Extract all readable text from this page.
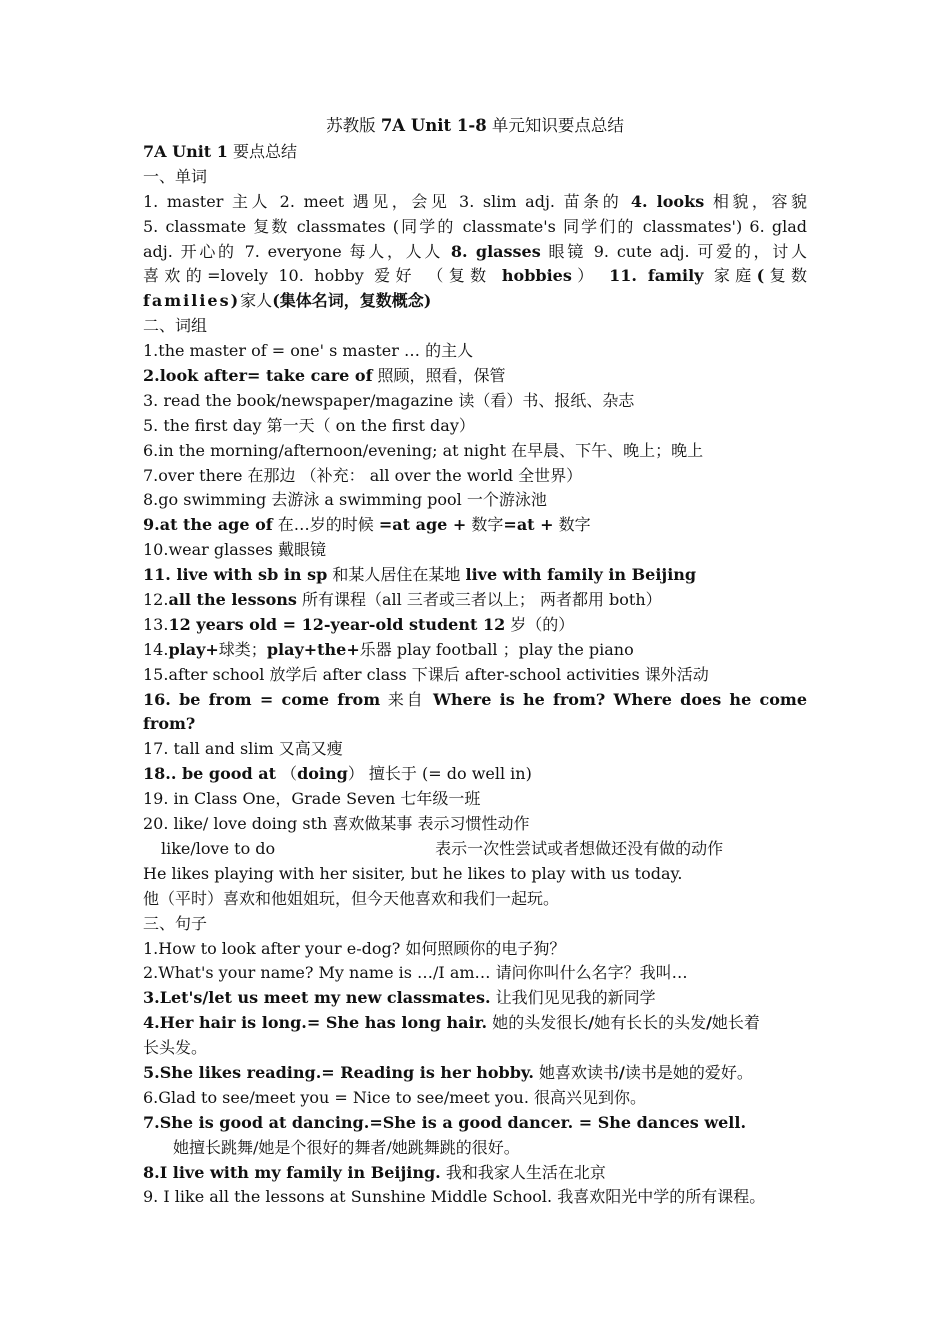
苏教版 7A Unit 1-8 单元知识要点总结
7A Unit 1 要点总结
一、单词
1. master 主人 2. meet 遇见，会见 3. slim adj. 苗条的 4. looks 相貌，容貌
5. classmate 复数 classmates (同学的 classmate's 同学们的 classmates') 6. glad
adj. 开心的 7. everyone 每人，人人 8. glasses 眼镜 9. cute adj. 可爱的，讨人
喜欢的=lovely 10. hobby 爱好 （复数 hobbies） 11. family 家庭(复数
families)家人(集体名词，复数概念)
二、词组
1.the master of = one' s master … 的主人
2.look after= take care of 照顾，照看，保管
3. read the book/newspaper/magazine 读（看）书、报纸、杂志
5. the first day 第一天（ on the first day）
6.in the morning/afternoon/evening; at night 在早晨、下午、晚上；晚上
7.over there 在那边 （补充： all over the world 全世界）
8.go swimming 去游泳 a swimming pool 一个游泳池
9.at the age of 在…岁的时候 =at age + 数字=at + 数字
10.wear glasses 戴眼镜
11. live with sb in sp 和某人居住在某地 live with family in Beijing
12.all the lessons 所有课程（all 三者或三者以上； 两者都用 both）
13.12 years old = 12-year-old student 12 岁（的）
14.play+球类；play+the+乐器 play football ；play the piano
15.after school 放学后 after class 下课后 after-school activities 课外活动
16. be from = come from 来自 Where is he from? Where does he come
from?
17. tall and slim 又高又瘦
18.. be good at （doing） 擅长于 (= do well in)
19. in Class One，Grade Seven 七年级一班
20. like/ love doing sth 喜欢做某事 表示习惯性动作
like/love to do	表示一次性尝试或者想做还没有做的动作
He likes playing with her sisiter, but he likes to play with us today.
他（平时）喜欢和他姐姐玩，但今天他喜欢和我们一起玩。
三、句子
1.How to look after your e-dog? 如何照顾你的电子狗？
2.What's your name? My name is …/I am… 请问你叫什么名字？我叫…
3.Let's/let us meet my new classmates. 让我们见见我的新同学
4.Her hair is long.= She has long hair. 她的头发很长/她有长长的头发/她长着
长头发。
5.She likes reading.= Reading is her hobby. 她喜欢读书/读书是她的爱好。
6.Glad to see/meet you = Nice to see/meet you. 很高兴见到你。
7.She is good at dancing.=She is a good dancer. = She dances well.
她擅长跳舞/她是个很好的舞者/她跳舞跳的很好。
8.I live with my family in Beijing. 我和我家人生活在北京
9. I like all the lessons at Sunshine Middle School. 我喜欢阳光中学的所有课程。
